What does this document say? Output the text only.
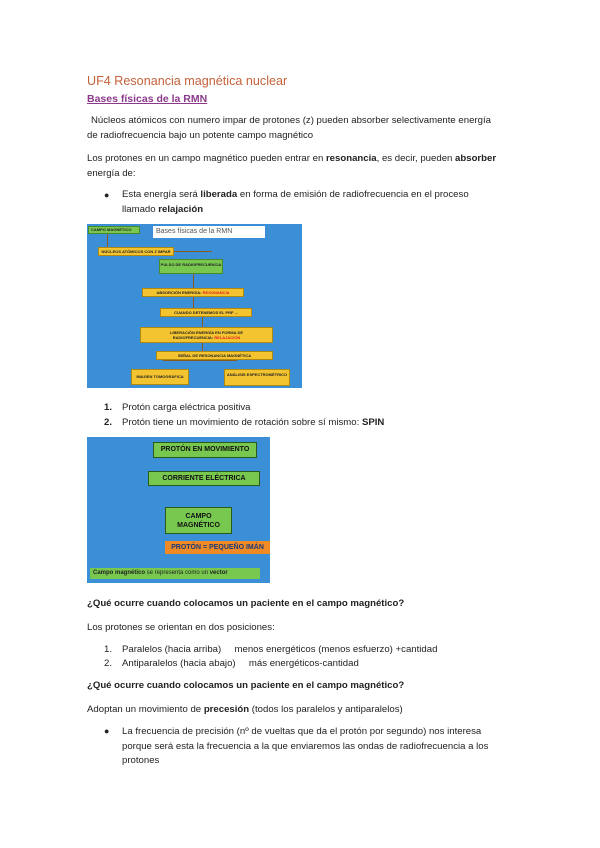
UF4 Resonancia magnética nuclear
Bases físicas de la RMN
Núcleos atómicos con numero impar de protones (z) pueden absorber selectivamente energía
de radiofrecuencia bajo un potente campo magnético
Los protones en un campo magnético pueden entrar en resonancia, es decir, pueden absorber
energía de:
● Esta energía será liberada en forma de emisión de radiofrecuencia en el proceso
llamado relajación
Bases físicas de la RMN
CAMPO MAGNÉTICO
NÚCLEOS ATÓMICOS CON Z IMPAR
PULSO DE RADIOFRECUENCIA
ABSORCIÓN ENERGÍA: RESONANCIA
CUANDO DETENEMOS EL PRF ...
LIBERACIÓN ENERGÍA EN FORMA DE
RADIOFRECUENCIA: RELAJACIÓN
SEÑAL DE RESONANCIA MAGNÉTICA
IMAGEN TOMOGRÁFICA	ANÁLISIS ESPECTROMÉTRICO
1. Protón carga eléctrica positiva
2. Protón tiene un movimiento de rotación sobre sí mismo: SPIN
PROTÓN EN MOVIMIENTO
CORRIENTE ELÉCTRICA
CAMPO
MAGNÉTICO
PROTÓN = PEQUEÑO IMÁN
Campo magnético se representa como un vector
¿Qué ocurre cuando colocamos un paciente en el campo magnético?
Los protones se orientan en dos posiciones:
1. Paralelos (hacia arriba)     menos energéticos (menos esfuerzo) +cantidad
2. Antiparalelos (hacia abajo)     más energéticos-cantidad
¿Qué ocurre cuando colocamos un paciente en el campo magnético?
Adoptan un movimiento de precesión (todos los paralelos y antiparalelos)
● La frecuencia de precisión (nº de vueltas que da el protón por segundo) nos interesa
porque será esta la frecuencia a la que enviaremos las ondas de radiofrecuencia a los
protones
